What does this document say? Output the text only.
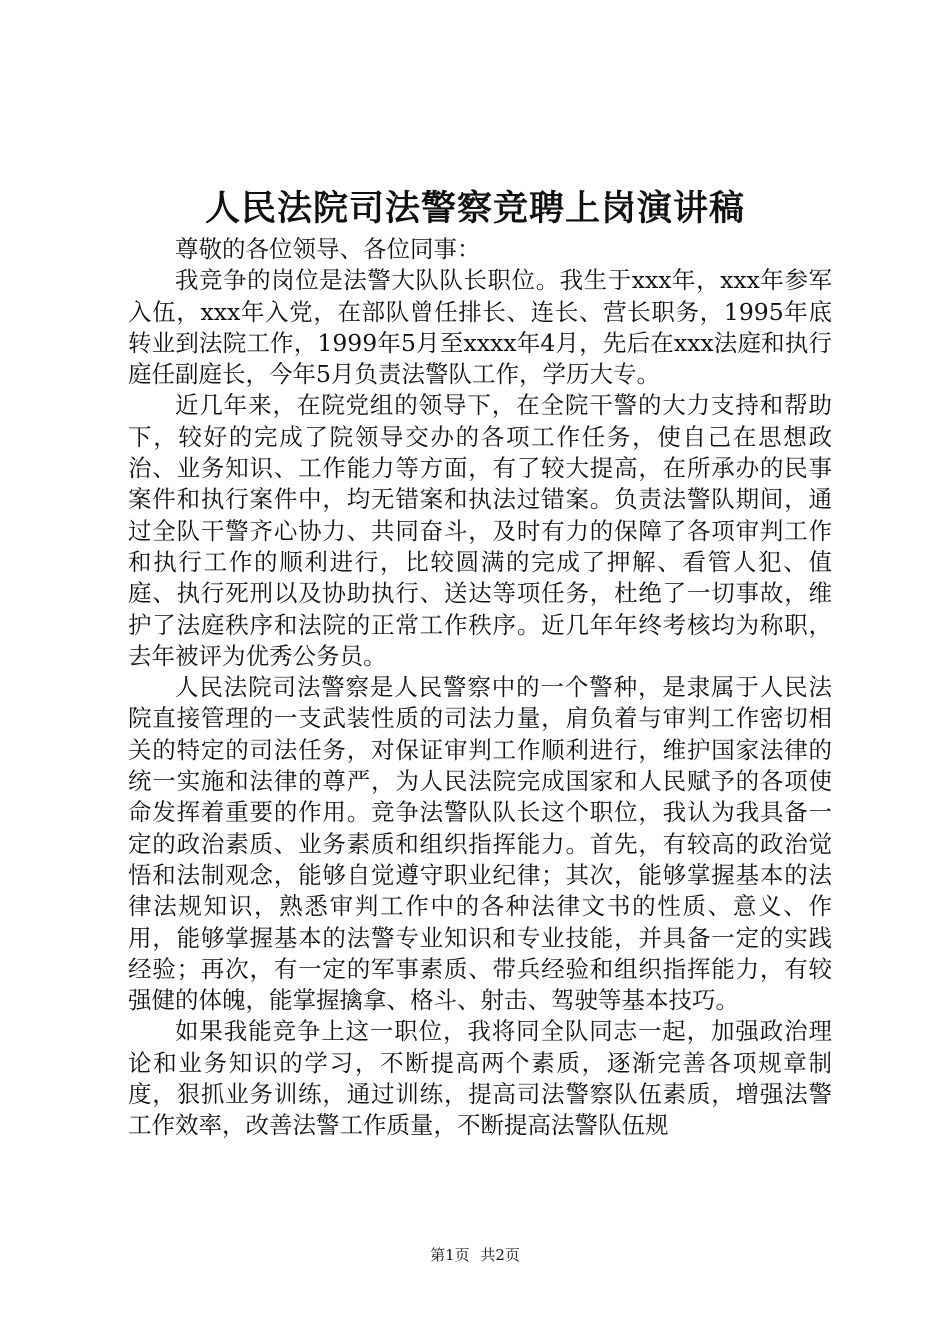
人民法院司法警察竞聘上岗演讲稿

尊敬的各位领导、各位同事：

我竞争的岗位是法警大队队长职位。我生于xxx年，xxx年参军入伍，xxx年入党，在部队曾任排长、连长、营长职务，1995年底转业到法院工作，1999年5月至xxxx年4月，先后在xxx法庭和执行庭任副庭长，今年5月负责法警队工作，学历大专。

近几年来，在院党组的领导下，在全院干警的大力支持和帮助下，较好的完成了院领导交办的各项工作任务，使自己在思想政治、业务知识、工作能力等方面，有了较大提高，在所承办的民事案件和执行案件中，均无错案和执法过错案。负责法警队期间，通过全队干警齐心协力、共同奋斗，及时有力的保障了各项审判工作和执行工作的顺利进行，比较圆满的完成了押解、看管人犯、值庭、执行死刑以及协助执行、送达等项任务，杜绝了一切事故，维护了法庭秩序和法院的正常工作秩序。近几年年终考核均为称职，去年被评为优秀公务员。

人民法院司法警察是人民警察中的一个警种，是隶属于人民法院直接管理的一支武装性质的司法力量，肩负着与审判工作密切相关的特定的司法任务，对保证审判工作顺利进行，维护国家法律的统一实施和法律的尊严，为人民法院完成国家和人民赋予的各项使命发挥着重要的作用。竞争法警队队长这个职位，我认为我具备一定的政治素质、业务素质和组织指挥能力。首先，有较高的政治觉悟和法制观念，能够自觉遵守职业纪律；其次，能够掌握基本的法律法规知识，熟悉审判工作中的各种法律文书的性质、意义、作用，能够掌握基本的法警专业知识和专业技能，并具备一定的实践经验；再次，有一定的军事素质、带兵经验和组织指挥能力，有较强健的体魄，能掌握擒拿、格斗、射击、驾驶等基本技巧。

如果我能竞争上这一职位，我将同全队同志一起，加强政治理论和业务知识的学习，不断提高两个素质，逐渐完善各项规章制度，狠抓业务训练，通过训练，提高司法警察队伍素质，增强法警工作效率，改善法警工作质量，不断提高法警队伍规

第1页 共2页
